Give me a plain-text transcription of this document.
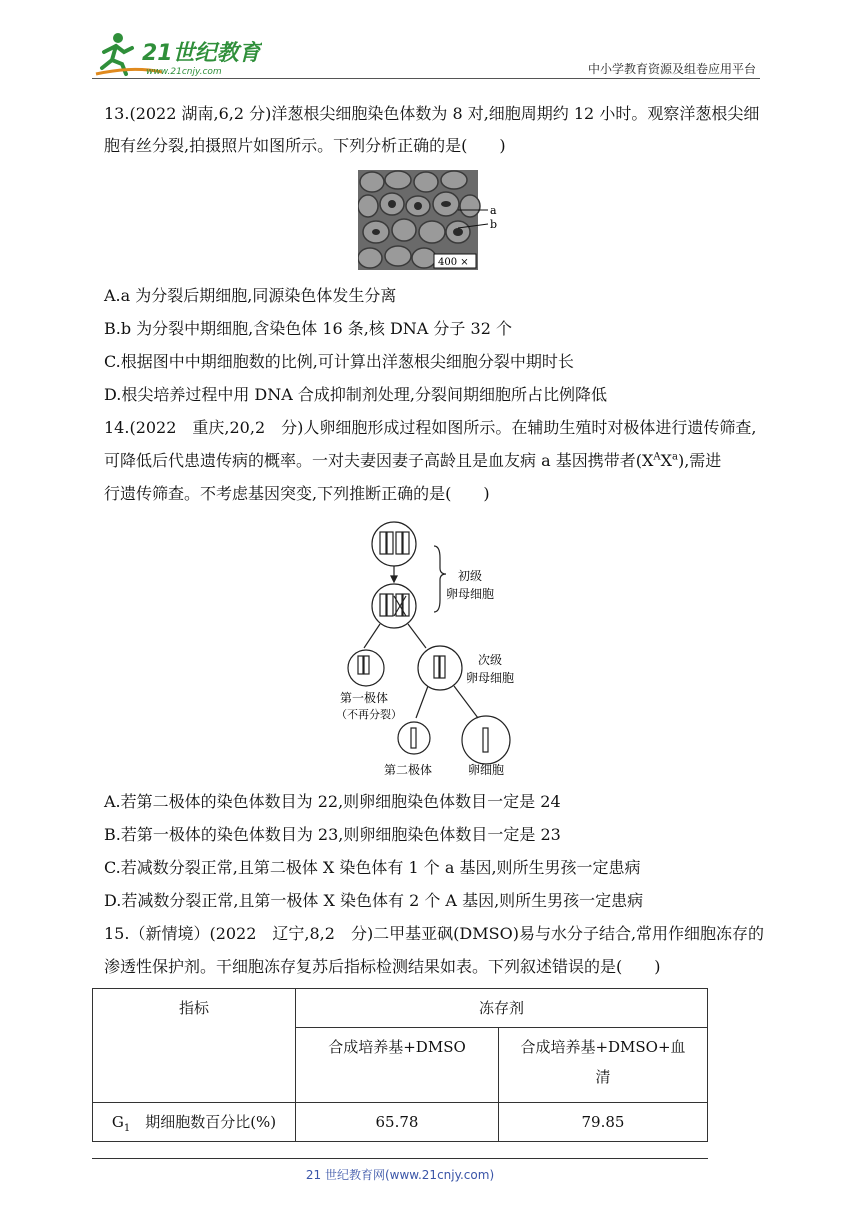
21世纪教育
www.21cnjy.com	中小学教育资源及组卷应用平台
13.(2022 湖南,6,2 分)洋葱根尖细胞染色体数为 8 对,细胞周期约 12 小时。观察洋葱根尖细
胞有丝分裂,拍摄照片如图所示。下列分析正确的是(　　)
a
b
400 ×
A.a 为分裂后期细胞,同源染色体发生分离
B.b 为分裂中期细胞,含染色体 16 条,核 DNA 分子 32 个
C.根据图中中期细胞数的比例,可计算出洋葱根尖细胞分裂中期时长
D.根尖培养过程中用 DNA 合成抑制剂处理,分裂间期细胞所占比例降低
14.(2022　重庆,20,2　分)人卵细胞形成过程如图所示。在辅助生殖时对极体进行遗传筛查,
可降低后代患遗传病的概率。一对夫妻因妻子高龄且是血友病 a 基因携带者$(X^AX^a)$,需进
行遗传筛查。不考虑基因突变,下列推断正确的是(　　)
初级
卵母细胞
次级
卵母细胞
第一极体
（不再分裂）
第二极体	卵细胞
A.若第二极体的染色体数目为 22,则卵细胞染色体数目一定是 24
B.若第一极体的染色体数目为 23,则卵细胞染色体数目一定是 23
C.若减数分裂正常,且第二极体 X 染色体有 1 个 a 基因,则所生男孩一定患病
D.若减数分裂正常,且第一极体 X 染色体有 2 个 A 基因,则所生男孩一定患病
15.（新情境）(2022　辽宁,8,2　分)二甲基亚砜(DMSO)易与水分子结合,常用作细胞冻存的
渗透性保护剂。干细胞冻存复苏后指标检测结果如表。下列叙述错误的是(　　)
指标	冻存剂	
	合成培养基+DMSO	合成培养基+DMSO+血
清
$G_1$　期细胞数百分比(%)	65.78	79.85
21 世纪教育网(www.21cnjy.com)
